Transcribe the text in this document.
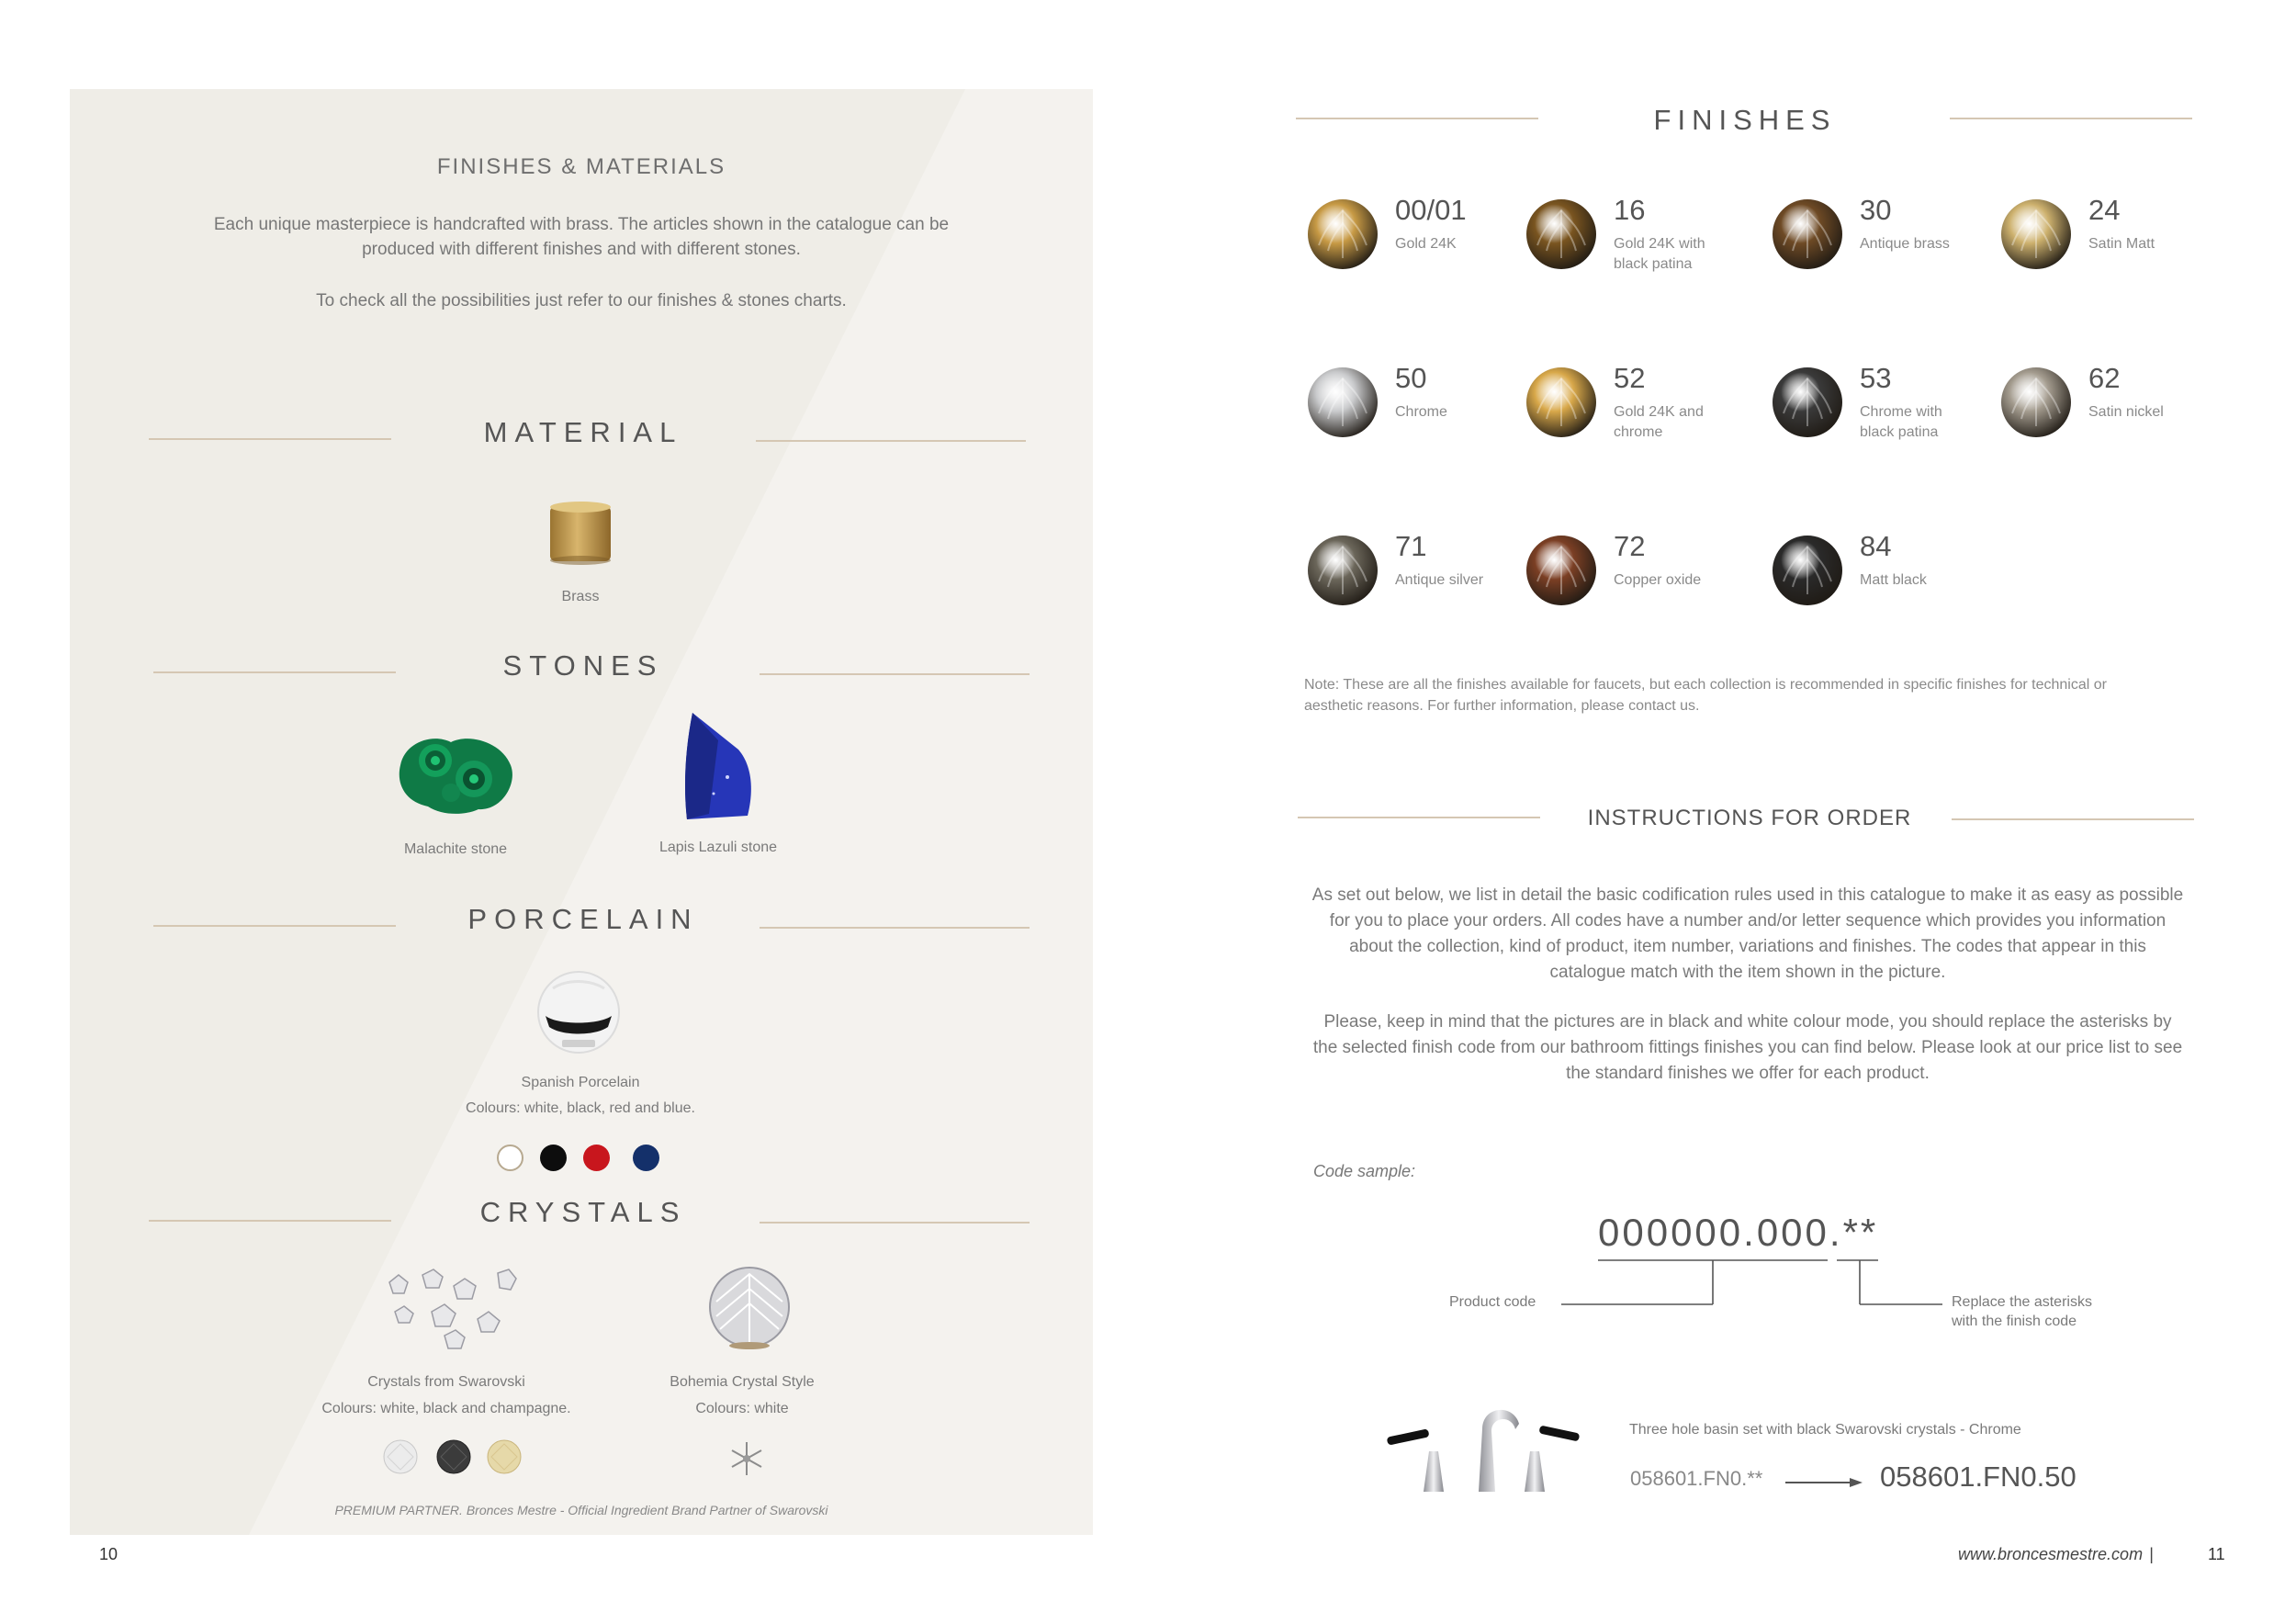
FINISHES & MATERIALS
Each unique masterpiece is handcrafted with brass. The articles shown in the catalogue can be
produced with different finishes and with different stones.
To check all the possibilities just refer to our finishes & stones charts.
MATERIAL
Brass
STONES
Malachite stone	Lapis Lazuli stone
PORCELAIN
Spanish Porcelain
Colours: white, black, red and blue.
CRYSTALS
Crystals from Swarovski
Colours: white, black and champagne.
Bohemia Crystal Style
Colours: white
PREMIUM PARTNER. Bronces Mestre - Official Ingredient Brand Partner of Swarovski
10
FINISHES
00/01
Gold 24K
16
Gold 24K with
black patina
30
Antique brass
24
Satin Matt
50
Chrome
52
Gold 24K and
chrome
53
Chrome with
black patina
62
Satin nickel
71
Antique silver
72
Copper oxide
84
Matt black
Note: These are all the finishes available for faucets, but each collection is recommended in specific finishes for technical or
aesthetic reasons. For further information, please contact us.
INSTRUCTIONS FOR ORDER
As set out below, we list in detail the basic codification rules used in this catalogue to make it as easy as possible
for you to place your orders. All codes have a number and/or letter sequence which provides you information
about the collection, kind of product, item number, variations and finishes. The codes that appear in this
catalogue match with the item shown in the picture.
Please, keep in mind that the pictures are in black and white colour mode, you should replace the asterisks by
the selected finish code from our bathroom fittings finishes you can find below. Please look at our price list to see
the standard finishes we offer for each product.
Code sample:
000000.000.**
Product code	Replace the asterisks
with the finish code
Three hole basin set with black Swarovski crystals - Chrome
058601.FN0.**	058601.FN0.50
www.broncesmestre.com |	11
